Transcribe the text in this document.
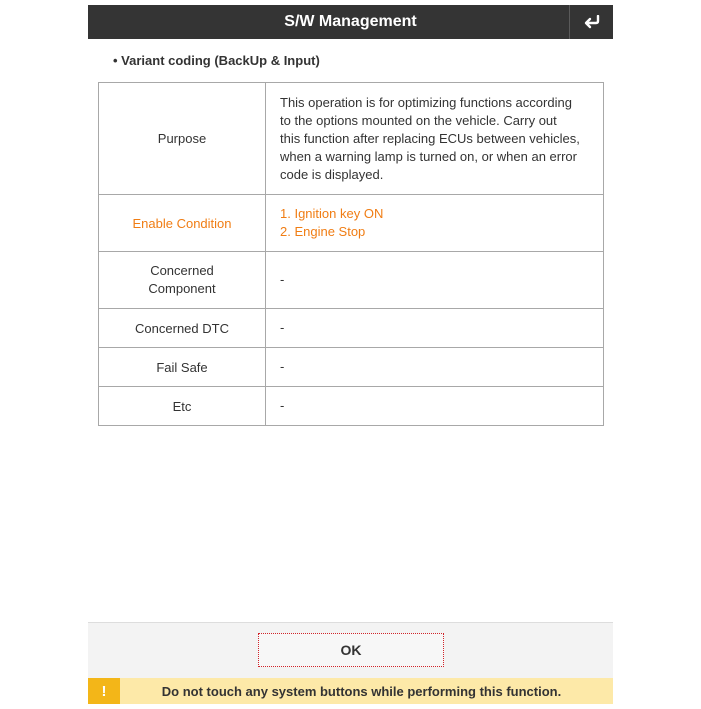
S/W Management
• Variant coding (BackUp & Input)
Purpose	This operation is for optimizing functions according
to the options mounted on the vehicle. Carry out
this function after replacing ECUs between vehicles,
when a warning lamp is turned on, or when an error
code is displayed.

Enable Condition	1. Ignition key ON
2. Engine Stop

Concerned
Component	-
Concerned DTC	-
Fail Safe	-
Etc	-
OK
!	Do not touch any system buttons while performing this function.
